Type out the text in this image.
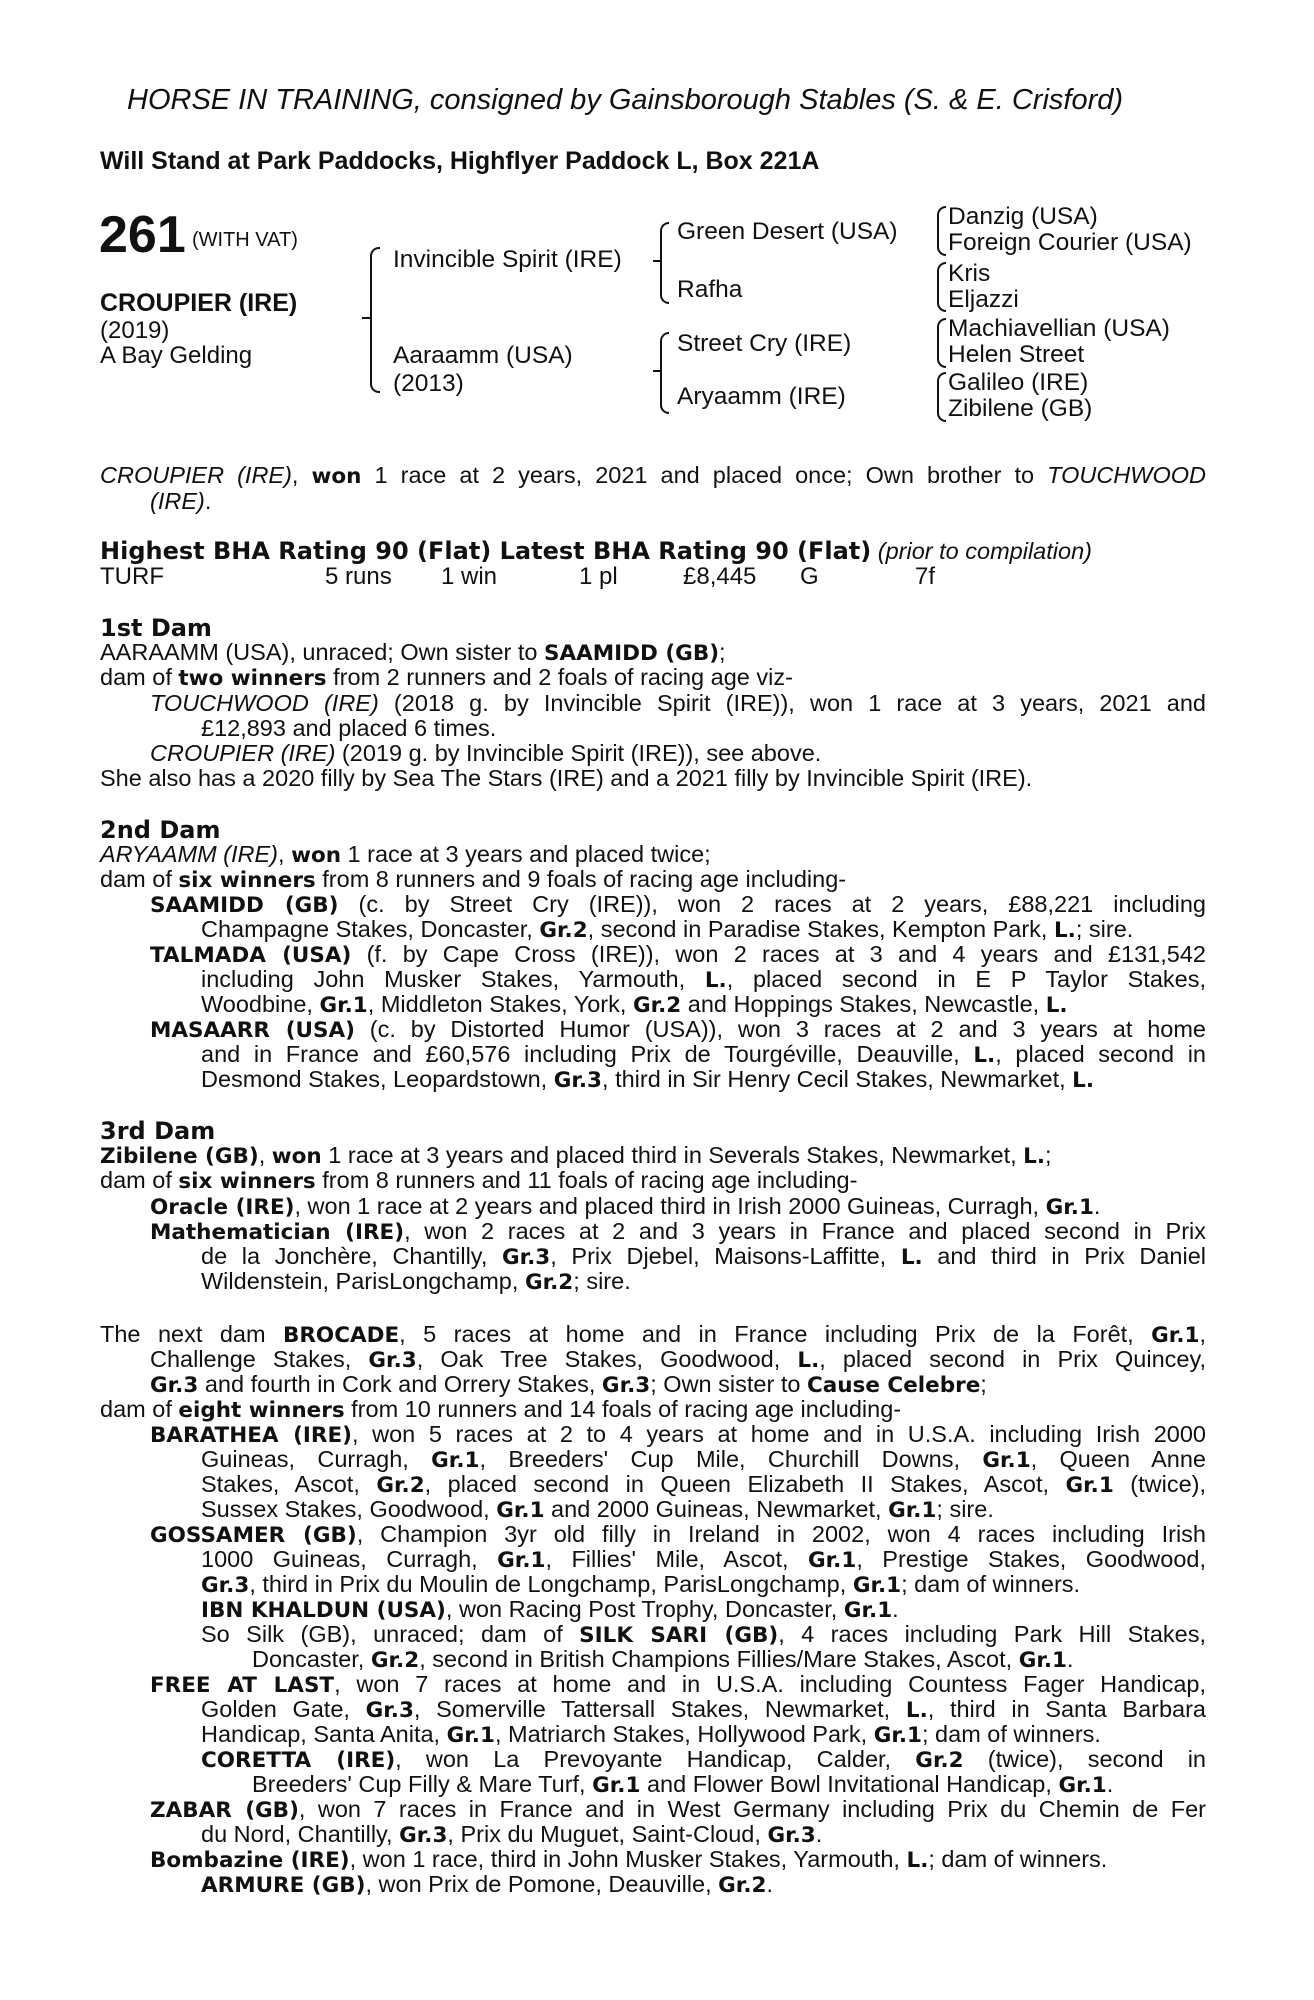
HORSE IN TRAINING, consigned by Gainsborough Stables (S. & E. Crisford)
Will Stand at Park Paddocks, Highflyer Paddock L, Box 221A
261 (WITH VAT)
CROUPIER (IRE)
(2019)
A Bay Gelding
Invincible Spirit (IRE)
Aaraamm (USA)
(2013)
Green Desert (USA)
Rafha
Street Cry (IRE)
Aryaamm (IRE)
Danzig (USA)
Foreign Courier (USA)
Kris
Eljazzi
Machiavellian (USA)
Helen Street
Galileo (IRE)
Zibilene (GB)
CROUPIER (IRE), won 1 race at 2 years, 2021 and placed once; Own brother to TOUCHWOOD
(IRE).
Highest BHA Rating 90 (Flat) Latest BHA Rating 90 (Flat) (prior to compilation)
TURF	5 runs 1 win	1 pl	£8,445 G	7f
1st Dam
AARAAMM (USA), unraced; Own sister to SAAMIDD (GB);
dam of two winners from 2 runners and 2 foals of racing age viz-
TOUCHWOOD (IRE) (2018 g. by Invincible Spirit (IRE)), won 1 race at 3 years, 2021 and
£12,893 and placed 6 times.
CROUPIER (IRE) (2019 g. by Invincible Spirit (IRE)), see above.
She also has a 2020 filly by Sea The Stars (IRE) and a 2021 filly by Invincible Spirit (IRE).
2nd Dam
ARYAAMM (IRE), won 1 race at 3 years and placed twice;
dam of six winners from 8 runners and 9 foals of racing age including-
SAAMIDD (GB) (c. by Street Cry (IRE)), won 2 races at 2 years, £88,221 including
Champagne Stakes, Doncaster, Gr.2, second in Paradise Stakes, Kempton Park, L.; sire.
TALMADA (USA) (f. by Cape Cross (IRE)), won 2 races at 3 and 4 years and £131,542
including John Musker Stakes, Yarmouth, L., placed second in E P Taylor Stakes,
Woodbine, Gr.1, Middleton Stakes, York, Gr.2 and Hoppings Stakes, Newcastle, L.
MASAARR (USA) (c. by Distorted Humor (USA)), won 3 races at 2 and 3 years at home
and in France and £60,576 including Prix de Tourgéville, Deauville, L., placed second in
Desmond Stakes, Leopardstown, Gr.3, third in Sir Henry Cecil Stakes, Newmarket, L.
3rd Dam
Zibilene (GB), won 1 race at 3 years and placed third in Severals Stakes, Newmarket, L.;
dam of six winners from 8 runners and 11 foals of racing age including-
Oracle (IRE), won 1 race at 2 years and placed third in Irish 2000 Guineas, Curragh, Gr.1.
Mathematician (IRE), won 2 races at 2 and 3 years in France and placed second in Prix
de la Jonchère, Chantilly, Gr.3, Prix Djebel, Maisons-Laffitte, L. and third in Prix Daniel
Wildenstein, ParisLongchamp, Gr.2; sire.
The next dam BROCADE, 5 races at home and in France including Prix de la Forêt, Gr.1,
Challenge Stakes, Gr.3, Oak Tree Stakes, Goodwood, L., placed second in Prix Quincey,
Gr.3 and fourth in Cork and Orrery Stakes, Gr.3; Own sister to Cause Celebre;
dam of eight winners from 10 runners and 14 foals of racing age including-
BARATHEA (IRE), won 5 races at 2 to 4 years at home and in U.S.A. including Irish 2000
Guineas, Curragh, Gr.1, Breeders' Cup Mile, Churchill Downs, Gr.1, Queen Anne
Stakes, Ascot, Gr.2, placed second in Queen Elizabeth II Stakes, Ascot, Gr.1 (twice),
Sussex Stakes, Goodwood, Gr.1 and 2000 Guineas, Newmarket, Gr.1; sire.
GOSSAMER (GB), Champion 3yr old filly in Ireland in 2002, won 4 races including Irish
1000 Guineas, Curragh, Gr.1, Fillies' Mile, Ascot, Gr.1, Prestige Stakes, Goodwood,
Gr.3, third in Prix du Moulin de Longchamp, ParisLongchamp, Gr.1; dam of winners.
IBN KHALDUN (USA), won Racing Post Trophy, Doncaster, Gr.1.
So Silk (GB), unraced; dam of SILK SARI (GB), 4 races including Park Hill Stakes,
Doncaster, Gr.2, second in British Champions Fillies/Mare Stakes, Ascot, Gr.1.
FREE AT LAST, won 7 races at home and in U.S.A. including Countess Fager Handicap,
Golden Gate, Gr.3, Somerville Tattersall Stakes, Newmarket, L., third in Santa Barbara
Handicap, Santa Anita, Gr.1, Matriarch Stakes, Hollywood Park, Gr.1; dam of winners.
CORETTA (IRE), won La Prevoyante Handicap, Calder, Gr.2 (twice), second in
Breeders' Cup Filly & Mare Turf, Gr.1 and Flower Bowl Invitational Handicap, Gr.1.
ZABAR (GB), won 7 races in France and in West Germany including Prix du Chemin de Fer
du Nord, Chantilly, Gr.3, Prix du Muguet, Saint-Cloud, Gr.3.
Bombazine (IRE), won 1 race, third in John Musker Stakes, Yarmouth, L.; dam of winners.
ARMURE (GB), won Prix de Pomone, Deauville, Gr.2.
